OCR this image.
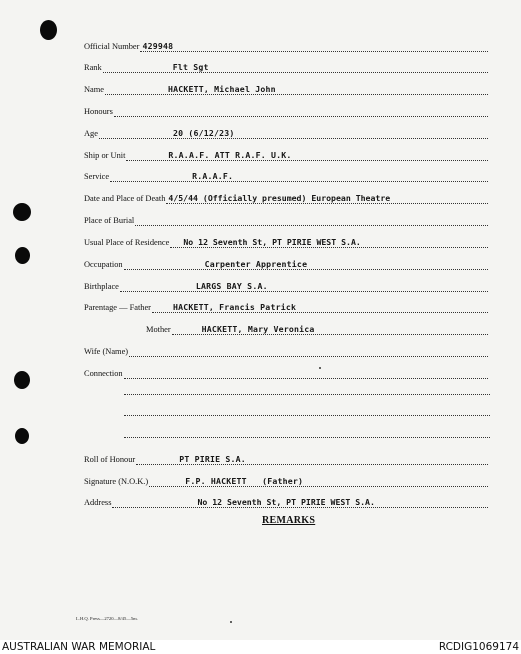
Official Number 429948
Rank	Flt Sgt
Name	HACKETT, Michael John
Honours
Age	20 (6/12/23)
Ship or Unit	R.A.A.F. ATT R.A.F. U.K.
Service	R.A.A.F.
Date and Place of Death 4/5/44 (Officially presumed) European Theatre
Place of Burial
Usual Place of Residence No 12 Seventh St, PT PIRIE WEST S.A.
Occupation	Carpenter Apprentice
Birthplace	LARGS BAY S.A.
Parentage — Father	HACKETT, Francis Patrick
Mother	HACKETT, Mary Veronica
Wife (Name)
Connection
Roll of Honour	PT PIRIE S.A.
Signature (N.O.K.)	F.P. HACKETT   (Father)
Address	No 12 Seventh St, PT PIRIE WEST S.A.
REMARKS
L.H.Q. Press—2720—8/45—5m.
AUSTRALIAN WAR MEMORIAL	RCDIG1069174
